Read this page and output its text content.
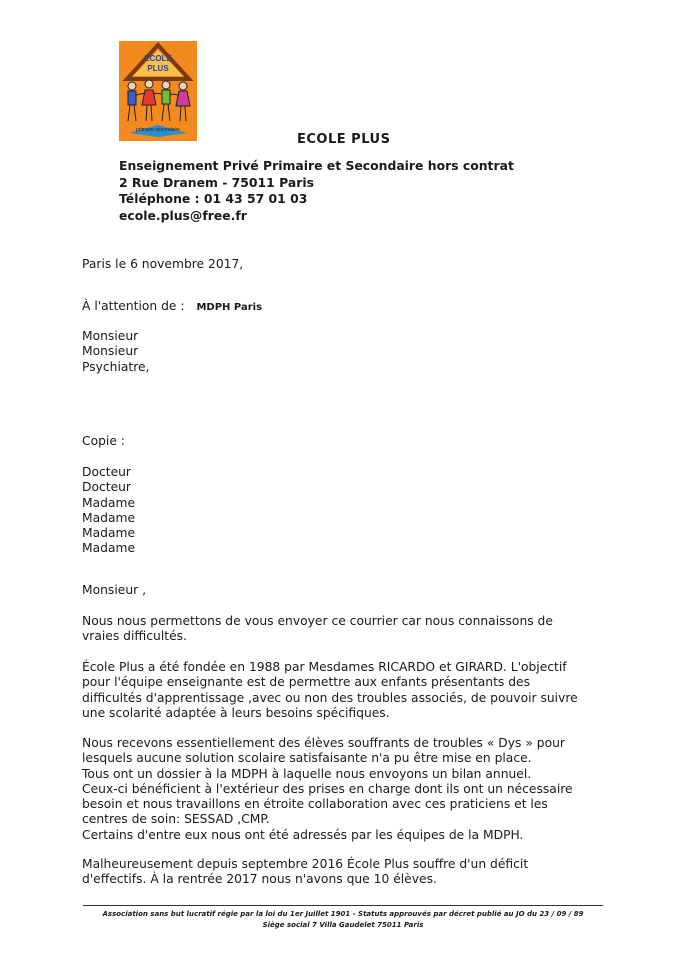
ECOLE
PLUS
primaire secondaire
ECOLE PLUS
Enseignement Privé Primaire et Secondaire hors contrat
2 Rue Dranem - 75011 Paris
Téléphone : 01 43 57 01 03
ecole.plus@free.fr
Paris le 6 novembre 2017,
À l'attention de : MDPH Paris
Monsieur
Monsieur
Psychiatre,
Copie :
Docteur
Docteur
Madame
Madame
Madame
Madame
Monsieur ,
Nous nous permettons de vous envoyer ce courrier car nous connaissons de
vraies difficultés.
École Plus a été fondée en 1988 par Mesdames RICARDO et GIRARD. L'objectif
pour l'équipe enseignante est de permettre aux enfants présentants des
difficultés d'apprentissage ,avec ou non des troubles associés, de pouvoir suivre
une scolarité adaptée à leurs besoins spécifiques.
Nous recevons essentiellement des élèves souffrants de troubles « Dys » pour
lesquels aucune solution scolaire satisfaisante n'a pu être mise en place.
Tous ont un dossier à la MDPH à laquelle nous envoyons un bilan annuel.
Ceux-ci bénéficient à l'extérieur des prises en charge dont ils ont un nécessaire
besoin et nous travaillons en étroite collaboration avec ces praticiens et les
centres de soin: SESSAD ,CMP.
Certains d'entre eux nous ont été adressés par les équipes de la MDPH.
Malheureusement depuis septembre 2016 École Plus souffre d'un déficit
d'effectifs. À la rentrée 2017 nous n'avons que 10 élèves.
Association sans but lucratif régie par la loi du 1er Juillet 1901 - Statuts approuvés par décret publié au JO du 23 / 09 / 89
Siège social 7 Villa Gaudelet 75011 Paris
